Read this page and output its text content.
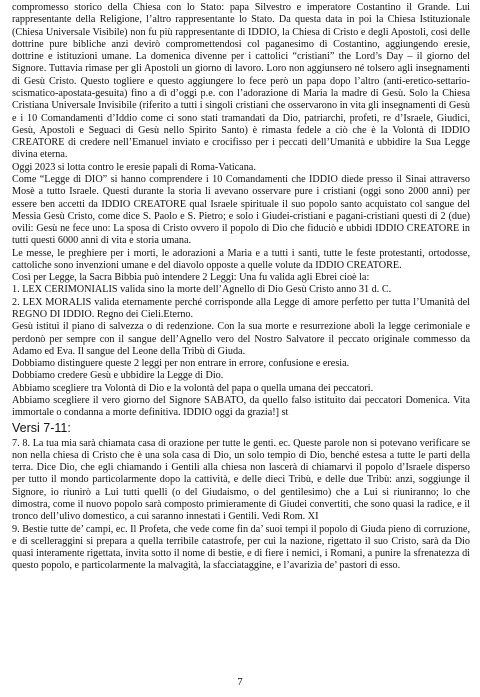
compromesso storico della Chiesa con lo Stato: papa Silvestro e imperatore Costantino il Grande. Lui rappresentante della Religione, l’altro rappresentante lo Stato. Da questa data in poi la Chiesa Istituzionale (Chiesa Universale Visibile) non fu più rappresentante di IDDIO, la Chiesa di Cristo e degli Apostoli, così delle dottrine pure bibliche anzi devirò compromettendosi col paganesimo di Costantino, aggiungendo eresie, dottrine e istituzioni umane. La domenica divenne per i cattolici “cristiani” the Lord’s Day – il giorno del Signore. Tuttavia rimase per gli Apostoli un giorno di lavoro. Loro non aggiunsero né tolsero agli insegnamenti di Gesù Cristo. Questo togliere e questo aggiungere lo fece però un papa dopo l’altro (anti-eretico-settario-scismatico-apostata-gesuita) fino a dì d’oggi p.e. con l’adorazione di Maria la madre di Gesù. Solo la Chiesa Cristiana Universale Invisibile (riferito a tutti i singoli cristiani che osservarono in vita gli insegnamenti di Gesù e i 10 Comandamenti d’Iddio come ci sono stati tramandati da Dio, patriarchi, profeti, re d’Israele, Giudici, Gesù, Apostoli e Seguaci di Gesù nello Spirito Santo) è rimasta fedele a ciò che è la Volontà di IDDIO CREATORE di credere nell’Emanuel inviato e crocifisso per i peccati dell’Umanità e ubbidire la Sua Legge divina eterna.

Oggi 2023 si lotta contro le eresie papali di Roma-Vaticana.

Come “Legge di DIO” si hanno comprendere i 10 Comandamenti che IDDIO diede presso il Sinai attraverso Mosè a tutto Israele. Questi durante la storia li avevano osservare pure i cristiani (oggi sono 2000 anni) per essere ben accetti da IDDIO CREATORE qual Israele spirituale il suo popolo santo acquistato col sangue del Messia Gesù Cristo, come dice S. Paolo e S. Pietro; e solo i Giudei-cristiani e pagani-cristiani questi di 2 (due) ovili: Gesù ne fece uno: La sposa di Cristo ovvero il popolo di Dio che fiduciò e ubbidì IDDIO CREATORE in tutti questi 6000 anni di vita e storia umana.

Le messe, le preghiere per i morti, le adorazioni a Maria e a tutti i santi, tutte le feste protestanti, ortodosse, cattoliche sono invenzioni umane e del diavolo opposte a quelle volute da IDDIO CREATORE.

Così per Legge, la Sacra Bibbia può intendere 2 Leggi: Una fu valida agli Ebrei cioè la:

1. LEX CERIMONIALIS valida sino la morte dell’Agnello di Dio Gesù Cristo anno 31 d. C.

2. LEX MORALIS valida eternamente perché corrisponde alla Legge di amore perfetto per tutta l’Umanità del REGNO DI IDDIO. Regno dei Cieli.Eterno.

Gesù istituì il piano di salvezza o di redenzione. Con la sua morte e resurrezione abolì la legge cerimoniale e perdonò per sempre con il sangue dell’Agnello vero del Nostro Salvatore il peccato originale commesso da Adamo ed Eva. Il sangue del Leone della Tribù di Giuda.

Dobbiamo distinguere queste 2 leggi per non entrare in errore, confusione e eresia.

Dobbiamo credere Gesù e ubbidire la Legge di Dio.

Abbiamo scegliere tra Volontà di Dio e la volontà del papa o quella umana dei peccatori.

Abbiamo scegliere il vero giorno del Signore SABATO, da quello falso istituito dai peccatori Domenica. Vita immortale o condanna a morte definitiva. IDDIO oggi da grazia!] st

Versi 7-11:

7. 8. La tua mia sarà chiamata casa di orazione per tutte le genti. ec. Queste parole non si potevano verificare se non nella chiesa di Cristo che è una sola casa di Dio, un solo tempio di Dio, benché estesa a tutte le parti della terra. Dice Dio, che egli chiamando i Gentili alla chiesa non lascerà di chiamarvi il popolo d’Israele disperso per tutto il mondo particolarmente dopo la cattività, e delle dieci Tribù, e delle due Tribù: anzi, soggiunge il Signore, io riunirò a Lui tutti quelli (o del Giudaismo, o del gentilesimo) che a Lui si riuniranno; lo che dimostra, come il nuovo popolo sarà composto primieramente di Giudei convertiti, che sono quasi la radice, e il tronco dell’ulivo domestico, a cui saranno innestati i Gentili. Vedi Rom. XI

9. Bestie tutte de’ campi, ec. Il Profeta, che vede come fin da’ suoi tempi il popolo di Giuda pieno di corruzione, e di scelleraggini si prepara a quella terribile catastrofe, per cui la nazione, rigettato il suo Cristo, sarà da Dio quasi interamente rigettata, invita sotto il nome di bestie, e di fiere i nemici, i Romani, a punire la sfrenatezza di questo popolo, e particolarmente la malvagità, la sfacciataggine, e l’avarizia de’ pastori di esso.

7
